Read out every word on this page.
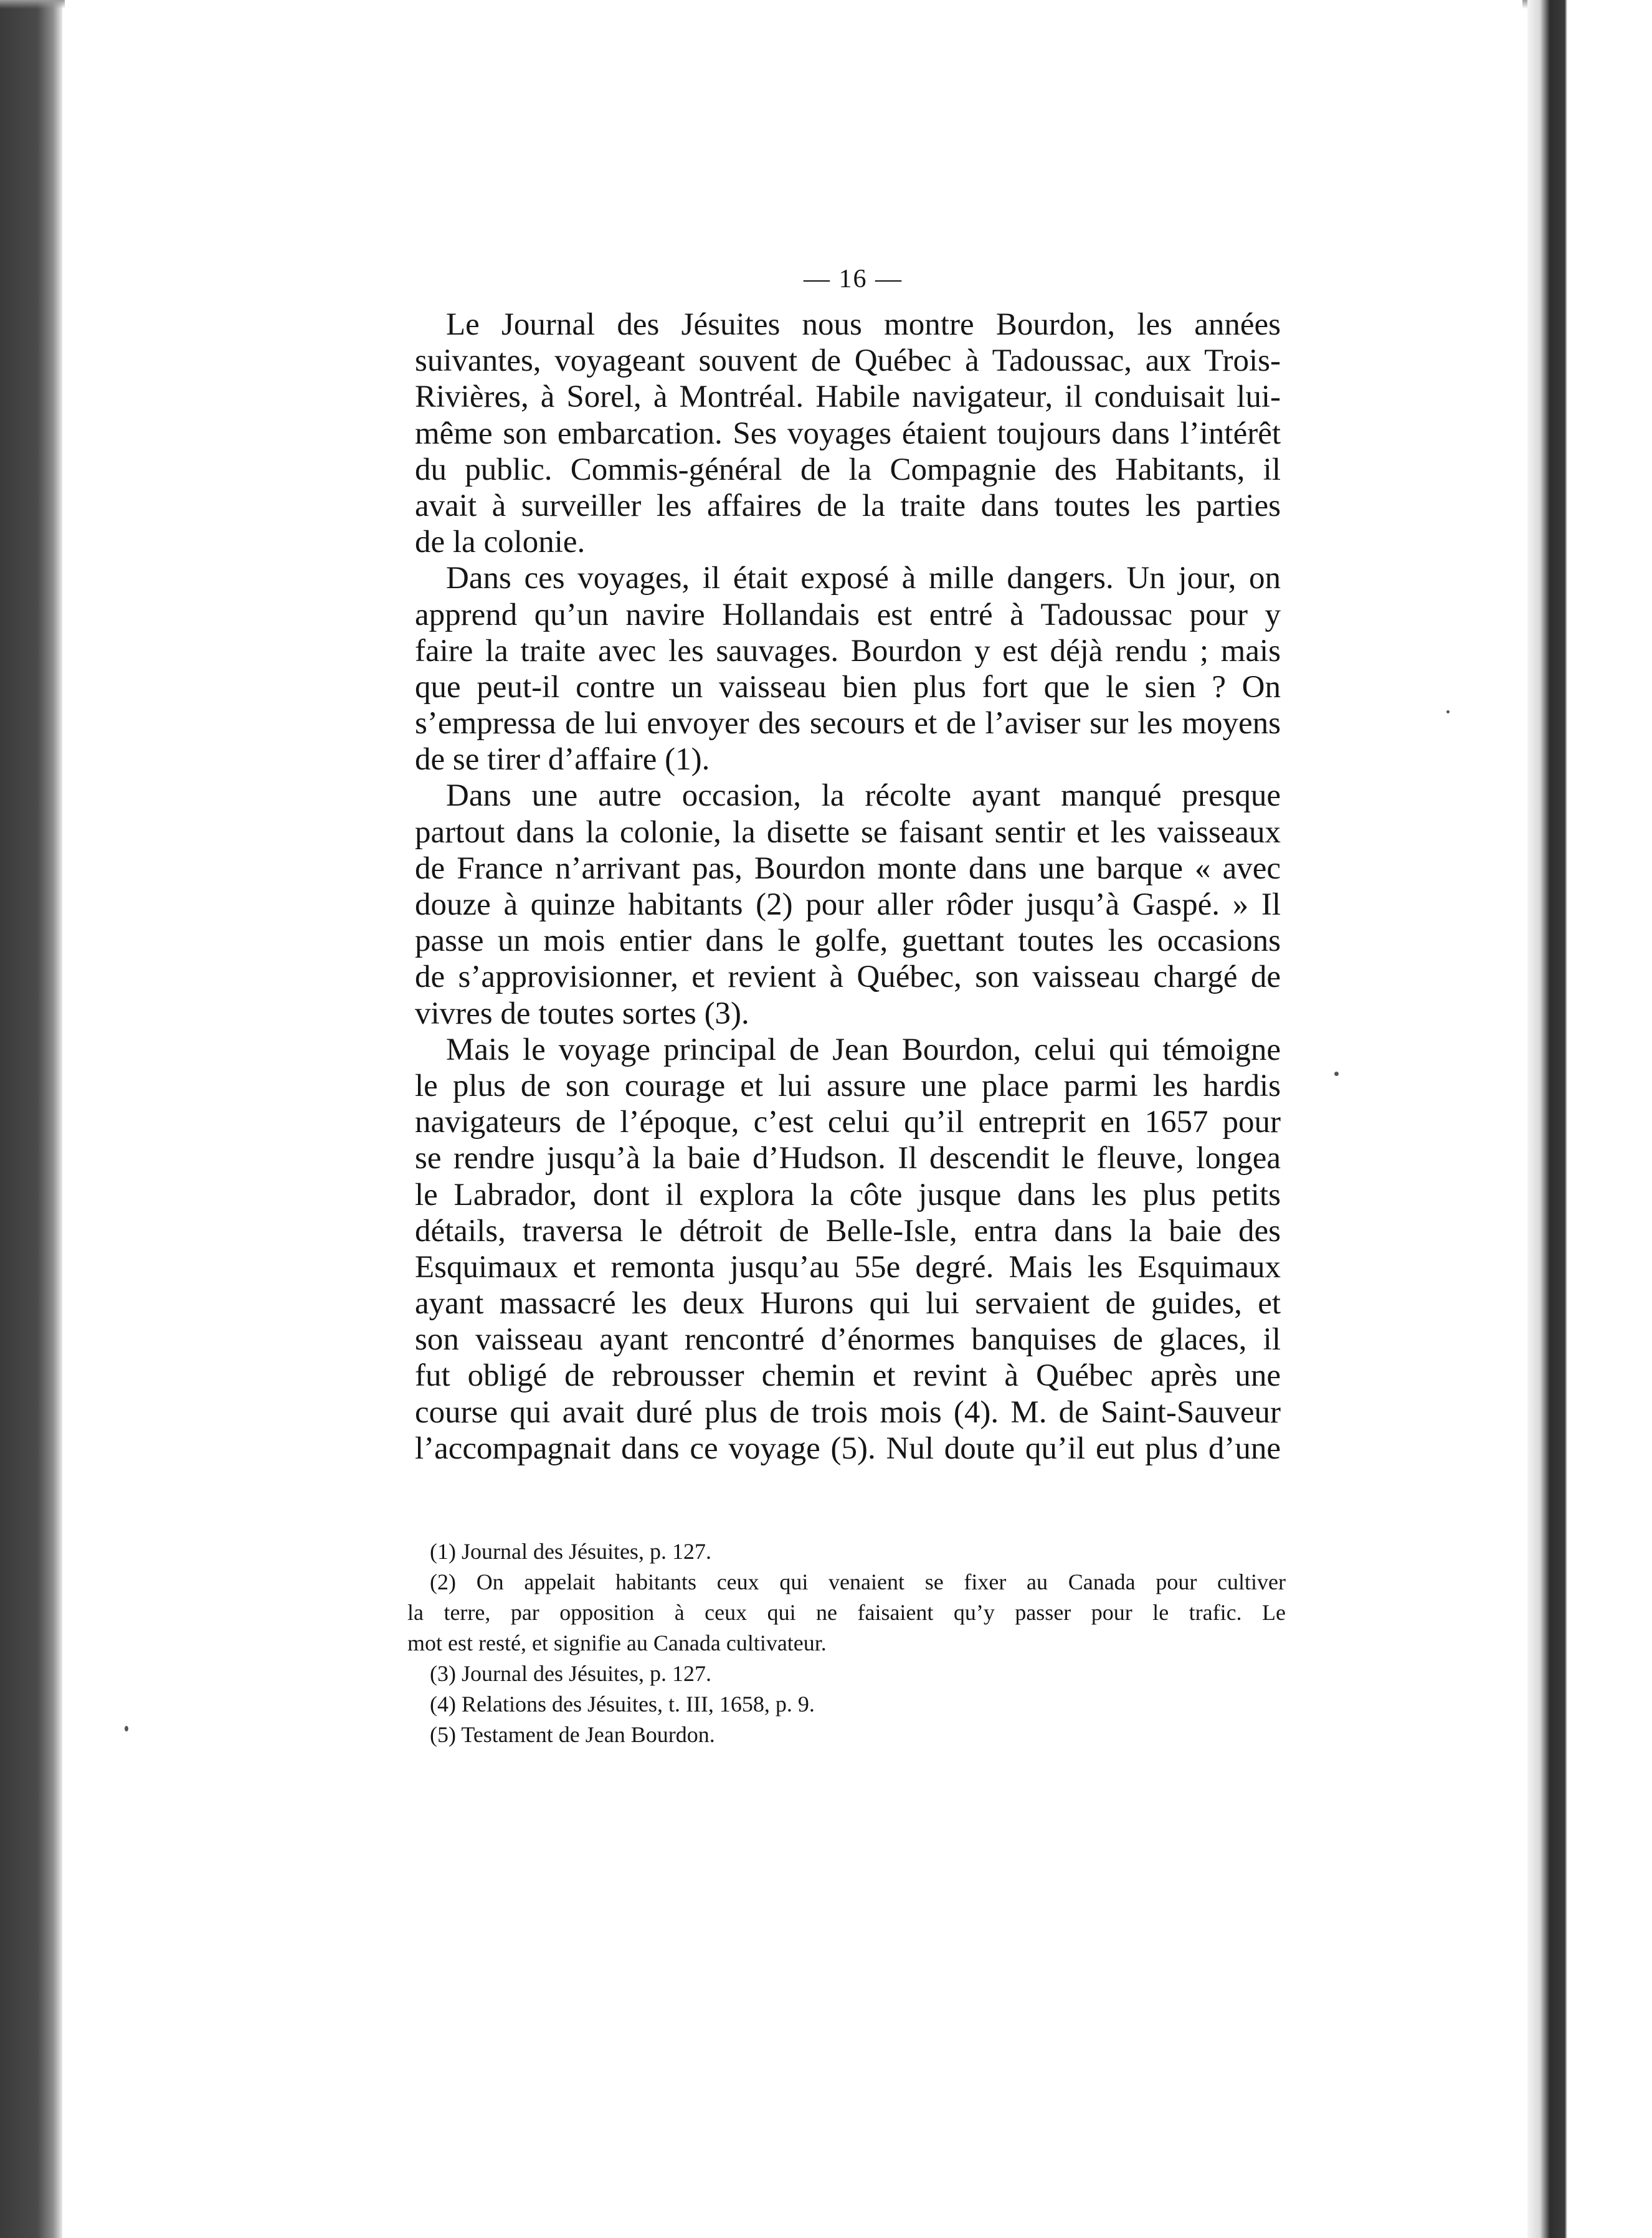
— 16 —
Le Journal des Jésuites nous montre Bourdon, les années
suivantes, voyageant souvent de Québec à Tadoussac, aux Trois-
Rivières, à Sorel, à Montréal. Habile navigateur, il conduisait lui-
même son embarcation. Ses voyages étaient toujours dans l’intérêt
du public. Commis-général de la Compagnie des Habitants, il
avait à surveiller les affaires de la traite dans toutes les parties
de la colonie.
Dans ces voyages, il était exposé à mille dangers. Un jour, on
apprend qu’un navire Hollandais est entré à Tadoussac pour y
faire la traite avec les sauvages. Bourdon y est déjà rendu ; mais
que peut-il contre un vaisseau bien plus fort que le sien ? On
s’empressa de lui envoyer des secours et de l’aviser sur les moyens
de se tirer d’affaire (1).
Dans une autre occasion, la récolte ayant manqué presque
partout dans la colonie, la disette se faisant sentir et les vaisseaux
de France n’arrivant pas, Bourdon monte dans une barque « avec
douze à quinze habitants (2) pour aller rôder jusqu’à Gaspé. » Il
passe un mois entier dans le golfe, guettant toutes les occasions
de s’approvisionner, et revient à Québec, son vaisseau chargé de
vivres de toutes sortes (3).
Mais le voyage principal de Jean Bourdon, celui qui témoigne
le plus de son courage et lui assure une place parmi les hardis
navigateurs de l’époque, c’est celui qu’il entreprit en 1657 pour
se rendre jusqu’à la baie d’Hudson. Il descendit le fleuve, longea
le Labrador, dont il explora la côte jusque dans les plus petits
détails, traversa le détroit de Belle-Isle, entra dans la baie des
Esquimaux et remonta jusqu’au 55e degré. Mais les Esquimaux
ayant massacré les deux Hurons qui lui servaient de guides, et
son vaisseau ayant rencontré d’énormes banquises de glaces, il
fut obligé de rebrousser chemin et revint à Québec après une
course qui avait duré plus de trois mois (4). M. de Saint-Sauveur
l’accompagnait dans ce voyage (5). Nul doute qu’il eut plus d’une
(1) Journal des Jésuites, p. 127.
(2) On appelait habitants ceux qui venaient se fixer au Canada pour cultiver
la terre, par opposition à ceux qui ne faisaient qu’y passer pour le trafic. Le
mot est resté, et signifie au Canada cultivateur.
(3) Journal des Jésuites, p. 127.
(4) Relations des Jésuites, t. III, 1658, p. 9.
(5) Testament de Jean Bourdon.
